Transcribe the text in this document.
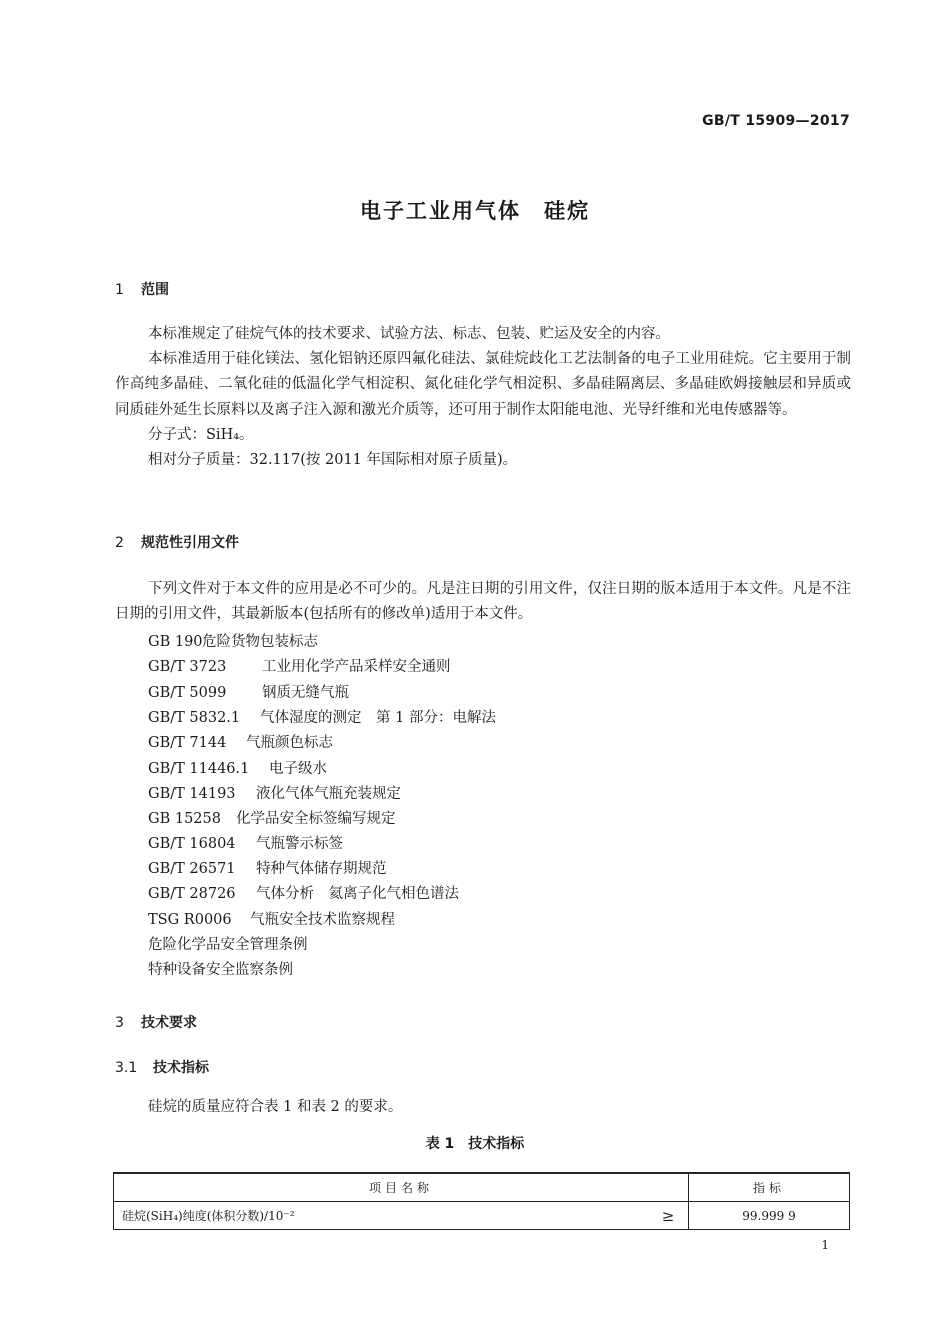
GB/T 15909—2017
电子工业用气体　硅烷
1 范围

本标准规定了硅烷气体的技术要求、试验方法、标志、包装、贮运及安全的内容。

本标准适用于硅化镁法、氢化铝钠还原四氟化硅法、氯硅烷歧化工艺法制备的电子工业用硅烷。它主要用于制作高纯多晶硅、二氧化硅的低温化学气相淀积、氮化硅化学气相淀积、多晶硅隔离层、多晶硅欧姆接触层和异质或同质硅外延生长原料以及离子注入源和激光介质等，还可用于制作太阳能电池、光导纤维和光电传感器等。

分子式：SiH₄。

相对分子质量：32.117(按 2011 年国际相对原子质量)。

2 规范性引用文件

下列文件对于本文件的应用是必不可少的。凡是注日期的引用文件，仅注日期的版本适用于本文件。凡是不注日期的引用文件，其最新版本(包括所有的修改单)适用于本文件。

GB 190危险货物包装标志
GB/T 3723 工业用化学产品采样安全通则
GB/T 5099 钢质无缝气瓶
GB/T 5832.1 气体湿度的测定　第 1 部分：电解法
GB/T 7144 气瓶颜色标志
GB/T 11446.1 电子级水
GB/T 14193 液化气体气瓶充装规定
GB 15258 化学品安全标签编写规定
GB/T 16804 气瓶警示标签
GB/T 26571 特种气体储存期规范
GB/T 28726 气体分析　氦离子化气相色谱法
TSG R0006 气瓶安全技术监察规程
危险化学品安全管理条例
特种设备安全监察条例
3 技术要求
3.1 技术指标
硅烷的质量应符合表 1 和表 2 的要求。
表 1　技术指标
项目名称		指标
硅烷(SiH₄)纯度(体积分数)/10⁻²	≥	99.999 9
1
